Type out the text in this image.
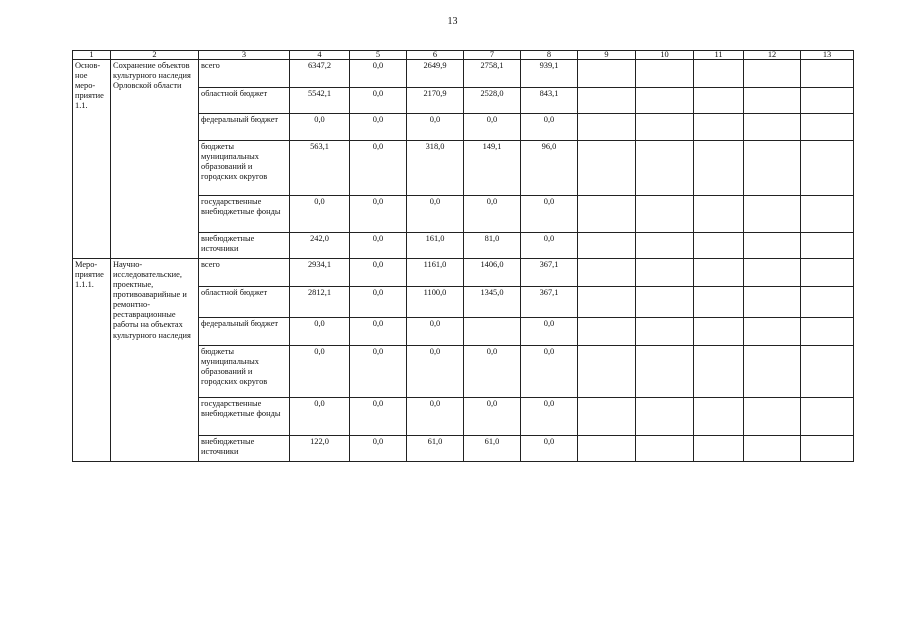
13
1	2	3	4	5	6	7	8	9	10	11	12	13
Основ-ное меро-приятие 1.1.	Сохранение объектов культурного наследия Орловской области	всего	6347,2	0,0	2649,9	2758,1	939,1					
		областной бюджет	5542,1	0,0	2170,9	2528,0	843,1					
		федеральный бюджет	0,0	0,0	0,0	0,0	0,0					
		бюджеты муниципальных образований и городских округов	563,1	0,0	318,0	149,1	96,0					
		государственные внебюджетные фонды	0,0	0,0	0,0	0,0	0,0					
		внебюджетные источники	242,0	0,0	161,0	81,0	0,0					
Меро-приятие 1.1.1.	Научно-исследовательские, проектные, противоаварийные и ремонтно-реставрационные работы на объектах культурного наследия	всего	2934,1	0,0	1161,0	1406,0	367,1					
		областной бюджет	2812,1	0,0	1100,0	1345,0	367,1					
		федеральный бюджет	0,0	0,0	0,0		0,0					
		бюджеты муниципальных образований и городских округов	0,0	0,0	0,0	0,0	0,0					
		государственные внебюджетные фонды	0,0	0,0	0,0	0,0	0,0					
		внебюджетные источники	122,0	0,0	61,0	61,0	0,0					
